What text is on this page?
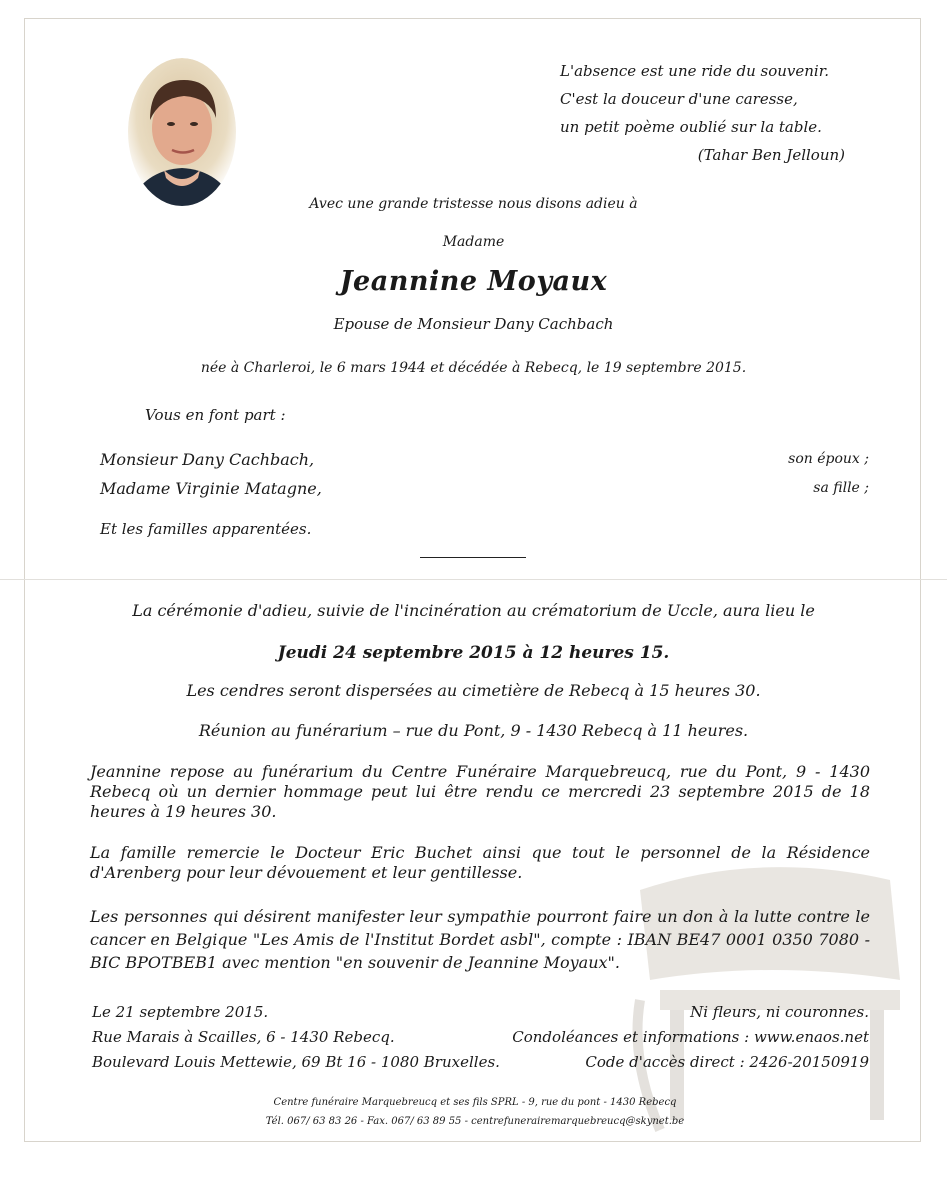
L'absence est une ride du souvenir.
C'est la douceur d'une caresse,
un petit poème oublié sur la table.
(Tahar Ben Jelloun)
Avec une grande tristesse nous disons adieu à
Madame
Jeannine Moyaux
Epouse de Monsieur Dany Cachbach
née à Charleroi, le 6 mars 1944 et décédée à Rebecq, le 19 septembre 2015.
Vous en font part :
Monsieur Dany Cachbach,	son époux ;
Madame Virginie Matagne,	sa fille ;
Et les familles apparentées.
La cérémonie d'adieu, suivie de l'incinération au crématorium de Uccle, aura lieu le
Jeudi 24 septembre 2015 à 12 heures 15.
Les cendres seront dispersées au cimetière de Rebecq à 15 heures 30.
Réunion au funérarium – rue du Pont, 9 - 1430 Rebecq à 11 heures.
Jeannine repose au funérarium du Centre Funéraire Marquebreucq, rue du Pont, 9 - 1430 Rebecq où un dernier hommage peut lui être rendu ce mercredi 23 septembre 2015 de 18 heures à 19 heures 30.
La famille remercie le Docteur Eric Buchet ainsi que tout le personnel de la Résidence d'Arenberg pour leur dévouement et leur gentillesse.
Les personnes qui désirent manifester leur sympathie pourront faire un don à la lutte contre le cancer en Belgique "Les Amis de l'Institut Bordet asbl", compte : IBAN BE47 0001 0350 7080 - BIC BPOTBEB1 avec mention "en souvenir de Jeannine Moyaux".
Le 21 septembre 2015.
Rue Marais à Scailles, 6 - 1430 Rebecq.
Boulevard Louis Mettewie, 69 Bt 16 - 1080 Bruxelles.
Ni fleurs, ni couronnes.
Condoléances et informations : www.enaos.net
Code d'accès direct : 2426-20150919
Centre funéraire Marquebreucq et ses fils SPRL - 9, rue du pont - 1430 Rebecq
Tél. 067/ 63 83 26 - Fax. 067/ 63 89 55 - centrefunerairemarquebreucq@skynet.be
